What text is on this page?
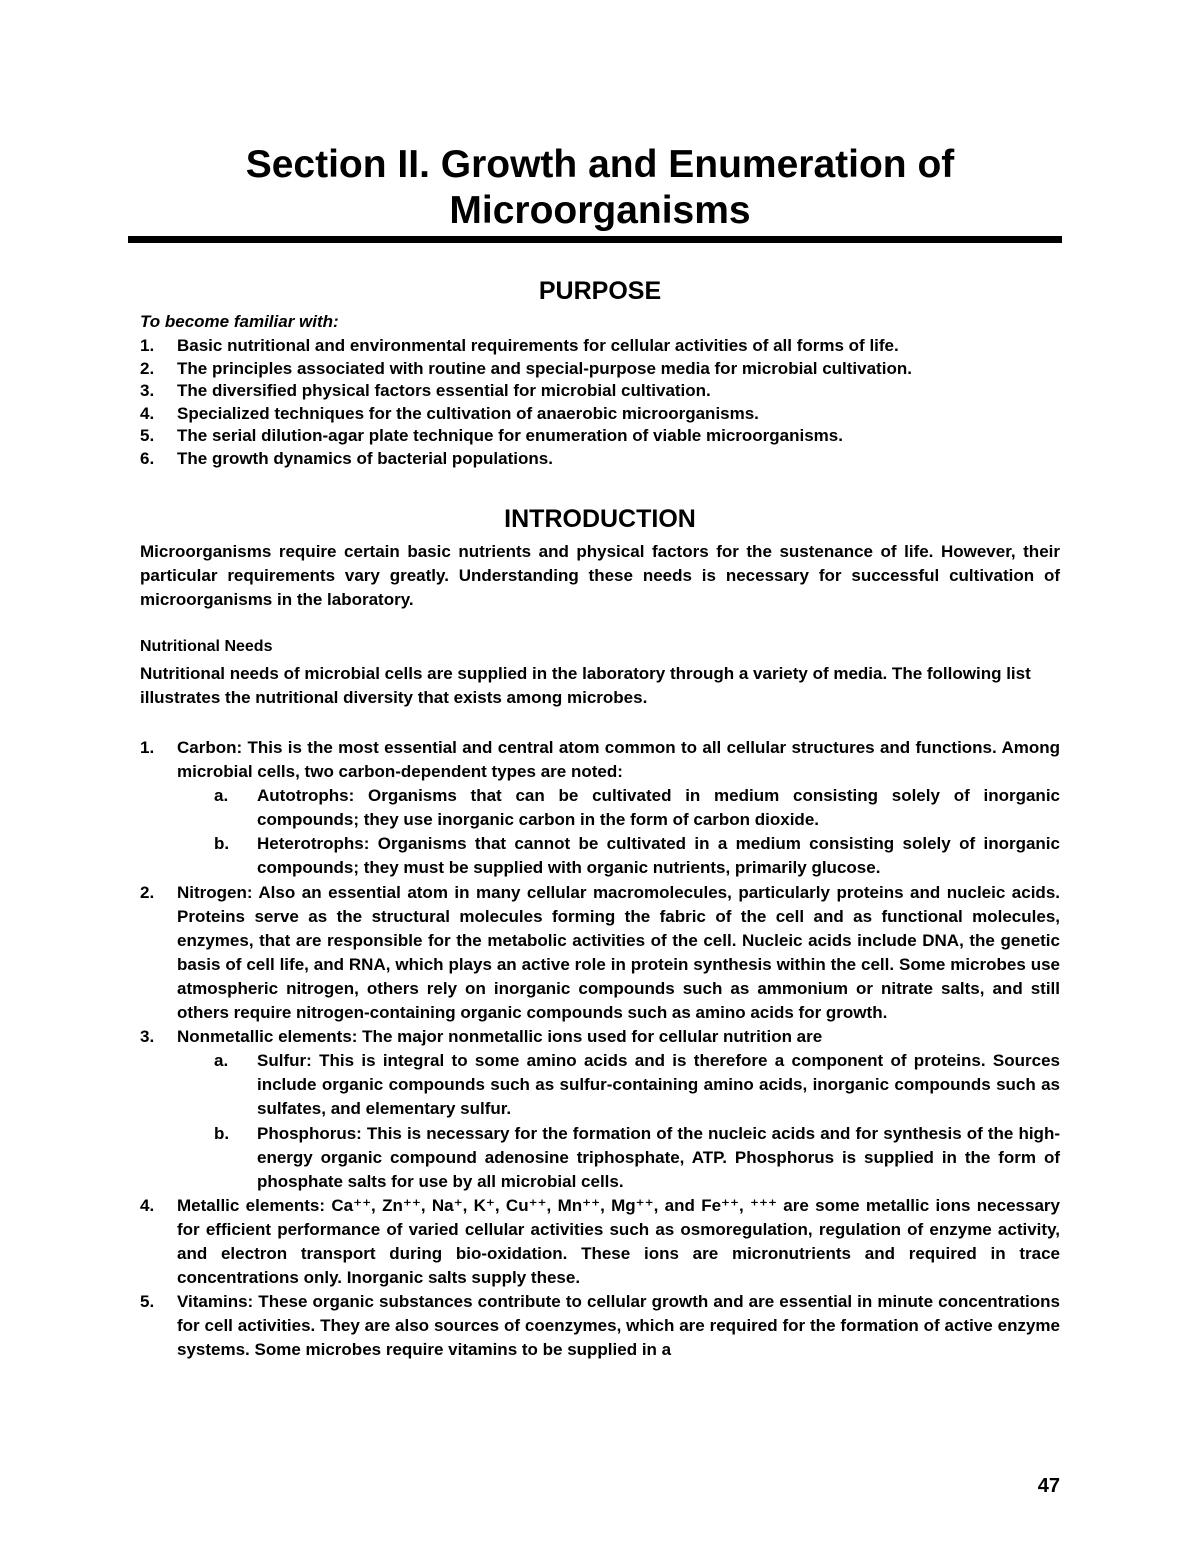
Section II. Growth and Enumeration of Microorganisms
PURPOSE
To become familiar with:
1. Basic nutritional and environmental requirements for cellular activities of all forms of life.
2. The principles associated with routine and special-purpose media for microbial cultivation.
3. The diversified physical factors essential for microbial cultivation.
4. Specialized techniques for the cultivation of anaerobic microorganisms.
5. The serial dilution-agar plate technique for enumeration of viable microorganisms.
6. The growth dynamics of bacterial populations.
INTRODUCTION

Microorganisms require certain basic nutrients and physical factors for the sustenance of life. However, their particular requirements vary greatly. Understanding these needs is necessary for successful cultivation of microorganisms in the laboratory.

Nutritional Needs

Nutritional needs of microbial cells are supplied in the laboratory through a variety of media. The following list illustrates the nutritional diversity that exists among microbes.

1. Carbon: This is the most essential and central atom common to all cellular structures and functions. Among microbial cells, two carbon-dependent types are noted:
a. Autotrophs: Organisms that can be cultivated in medium consisting solely of inorganic compounds; they use inorganic carbon in the form of carbon dioxide.
b. Heterotrophs: Organisms that cannot be cultivated in a medium consisting solely of inorganic compounds; they must be supplied with organic nutrients, primarily glucose.
2. Nitrogen: Also an essential atom in many cellular macromolecules, particularly proteins and nucleic acids. Proteins serve as the structural molecules forming the fabric of the cell and as functional molecules, enzymes, that are responsible for the metabolic activities of the cell. Nucleic acids include DNA, the genetic basis of cell life, and RNA, which plays an active role in protein synthesis within the cell. Some microbes use atmospheric nitrogen, others rely on inorganic compounds such as ammonium or nitrate salts, and still others require nitrogen-containing organic compounds such as amino acids for growth.
3. Nonmetallic elements: The major nonmetallic ions used for cellular nutrition are
a. Sulfur: This is integral to some amino acids and is therefore a component of proteins. Sources include organic compounds such as sulfur-containing amino acids, inorganic compounds such as sulfates, and elementary sulfur.
b. Phosphorus: This is necessary for the formation of the nucleic acids and for synthesis of the high-energy organic compound adenosine triphosphate, ATP. Phosphorus is supplied in the form of phosphate salts for use by all microbial cells.
4. Metallic elements: Ca⁺⁺, Zn⁺⁺, Na⁺, K⁺, Cu⁺⁺, Mn⁺⁺, Mg⁺⁺, and Fe⁺⁺, ⁺⁺⁺ are some metallic ions necessary for efficient performance of varied cellular activities such as osmoregulation, regulation of enzyme activity, and electron transport during bio-oxidation. These ions are micronutrients and required in trace concentrations only. Inorganic salts supply these.
5. Vitamins: These organic substances contribute to cellular growth and are essential in minute concentrations for cell activities. They are also sources of coenzymes, which are required for the formation of active enzyme systems. Some microbes require vitamins to be supplied in a
47
